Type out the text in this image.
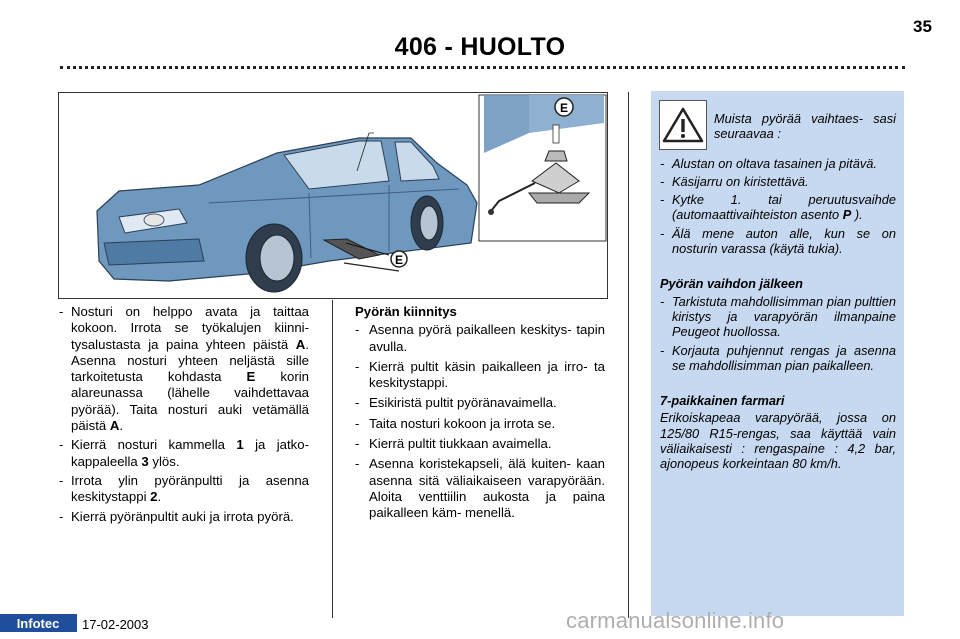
406 - HUOLTO
35
E
E
- Nosturi on helppo avata ja taittaa kokoon. Irrota se työkalujen kiinni- tysalustasta ja paina yhteen päistä A. Asenna nosturi yhteen neljästä sille tarkoitetusta kohdasta E korin alareunassa (lähelle vaihdettavaa pyörää). Taita nosturi auki vetämällä päistä A.
- Kierrä nosturi kammella 1 ja jatko- kappaleella 3 ylös.
- Irrota ylin pyöränpultti ja asenna keskitystappi 2.
- Kierrä pyöränpultit auki ja irrota pyörä.
Pyörän kiinnitys
- Asenna pyörä paikalleen keskitys- tapin avulla.
- Kierrä pultit käsin paikalleen ja irro- ta keskitystappi.
- Esikiristä pultit pyöränavaimella.
- Taita nosturi kokoon ja irrota se.
- Kierrä pultit tiukkaan avaimella.
- Asenna koristekapseli, älä kuiten- kaan asenna sitä väliaikaiseen varapyörään. Aloita venttiilin aukosta ja paina paikalleen käm- menellä.
Muista pyörää vaihtaes- sasi seuraavaa :
- Alustan on oltava tasainen ja pitävä.
- Käsijarru on kiristettävä.
- Kytke 1. tai peruutusvaihde (automaattivaihteiston asento P ).
- Älä mene auton alle, kun se on nosturin varassa (käytä tukia).
Pyörän vaihdon jälkeen
- Tarkistuta mahdollisimman pian pulttien kiristys ja varapyörän ilmanpaine Peugeot huollossa.
- Korjauta puhjennut rengas ja asenna se mahdollisimman pian paikalleen.
7-paikkainen farmari
Erikoiskapeaa varapyörää, jossa on 125/80 R15-rengas, saa käyttää vain väliaikaisesti : rengaspaine : 4,2 bar, ajonopeus korkeintaan 80 km/h.
Infotec 17-02-2003	carmanualsonline.info
